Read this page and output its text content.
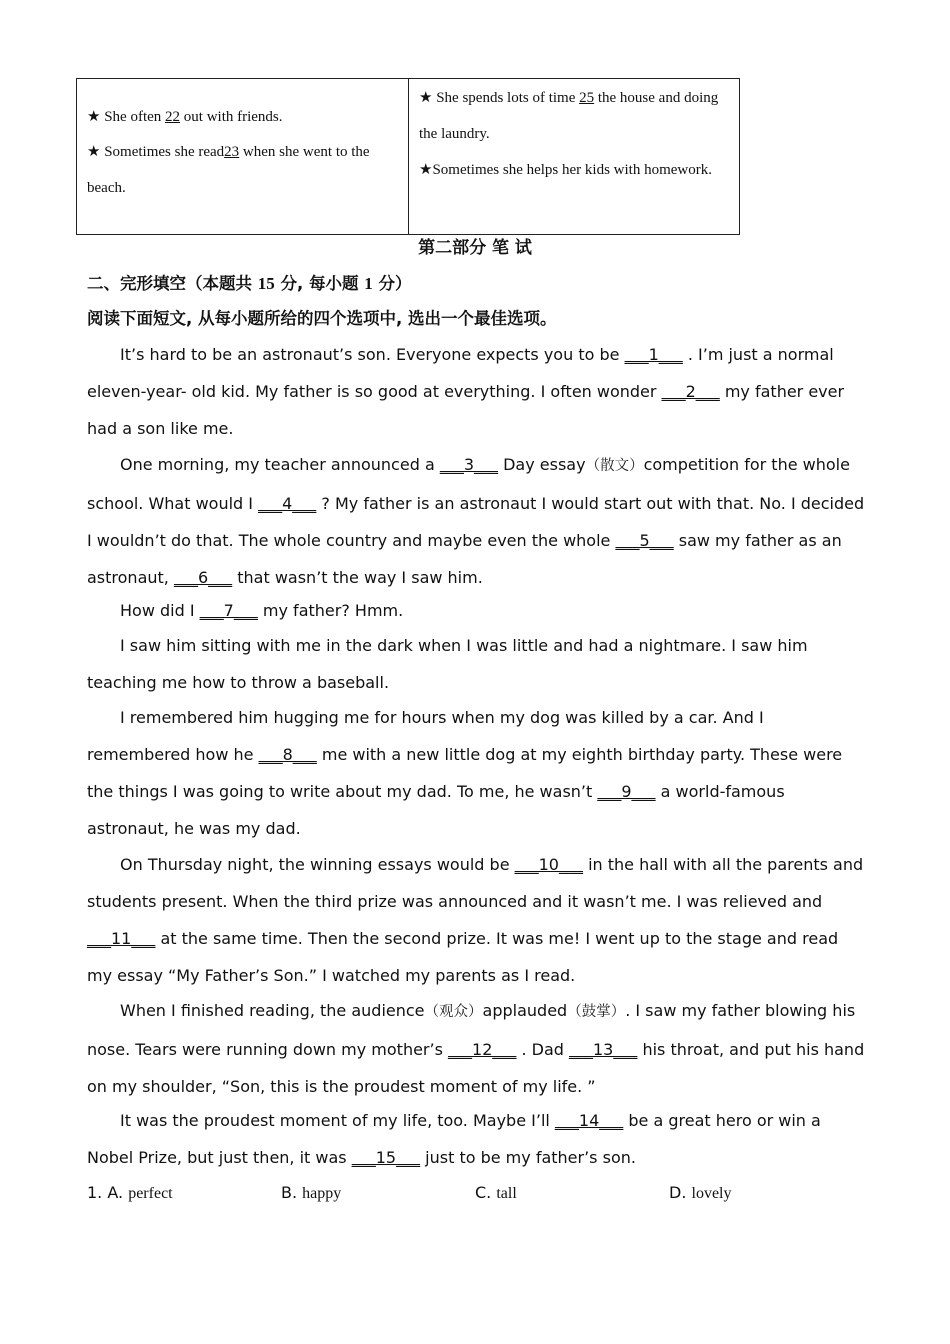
★ She often 22 out with friends.

★ Sometimes she read23 when she went to the beach.

★ She spends lots of time 25 the house and doing the laundry.

★Sometimes she helps her kids with homework.

第二部分 笔 试
二、完形填空（本题共 15 分, 每小题 1 分）
阅读下面短文, 从每小题所给的四个选项中, 选出一个最佳选项。

It’s hard to be an astronaut’s son. Everyone expects you to be ___1___ . I’m just a normal eleven-year- old kid. My father is so good at everything. I often wonder ___2___ my father ever had a son like me.

One morning, my teacher announced a ___3___ Day essay（散文）competition for the whole school. What would I ___4___ ? My father is an astronaut I would start out with that. No. I decided I wouldn’t do that. The whole country and maybe even the whole ___5___ saw my father as an astronaut, ___6___ that wasn’t the way I saw him.

How did I ___7___ my father? Hmm.

I saw him sitting with me in the dark when I was little and had a nightmare. I saw him teaching me how to throw a baseball.

I remembered him hugging me for hours when my dog was killed by a car. And I remembered how he ___8___ me with a new little dog at my eighth birthday party. These were the things I was going to write about my dad. To me, he wasn’t ___9___ a world-famous astronaut, he was my dad.

On Thursday night, the winning essays would be ___10___ in the hall with all the parents and students present. When the third prize was announced and it wasn’t me. I was relieved and ___11___ at the same time. Then the second prize. It was me! I went up to the stage and read my essay “My Father’s Son.” I watched my parents as I read.

When I finished reading, the audience（观众）applauded（鼓掌）. I saw my father blowing his nose. Tears were running down my mother’s ___12___ . Dad ___13___ his throat, and put his hand on my shoulder, “Son, this is the proudest moment of my life. ”

It was the proudest moment of my life, too. Maybe I’ll ___14___ be a great hero or win a Nobel Prize, but just then, it was ___15___ just to be my father’s son.

1. A. perfect	B. happy	C. tall	D. lovely
